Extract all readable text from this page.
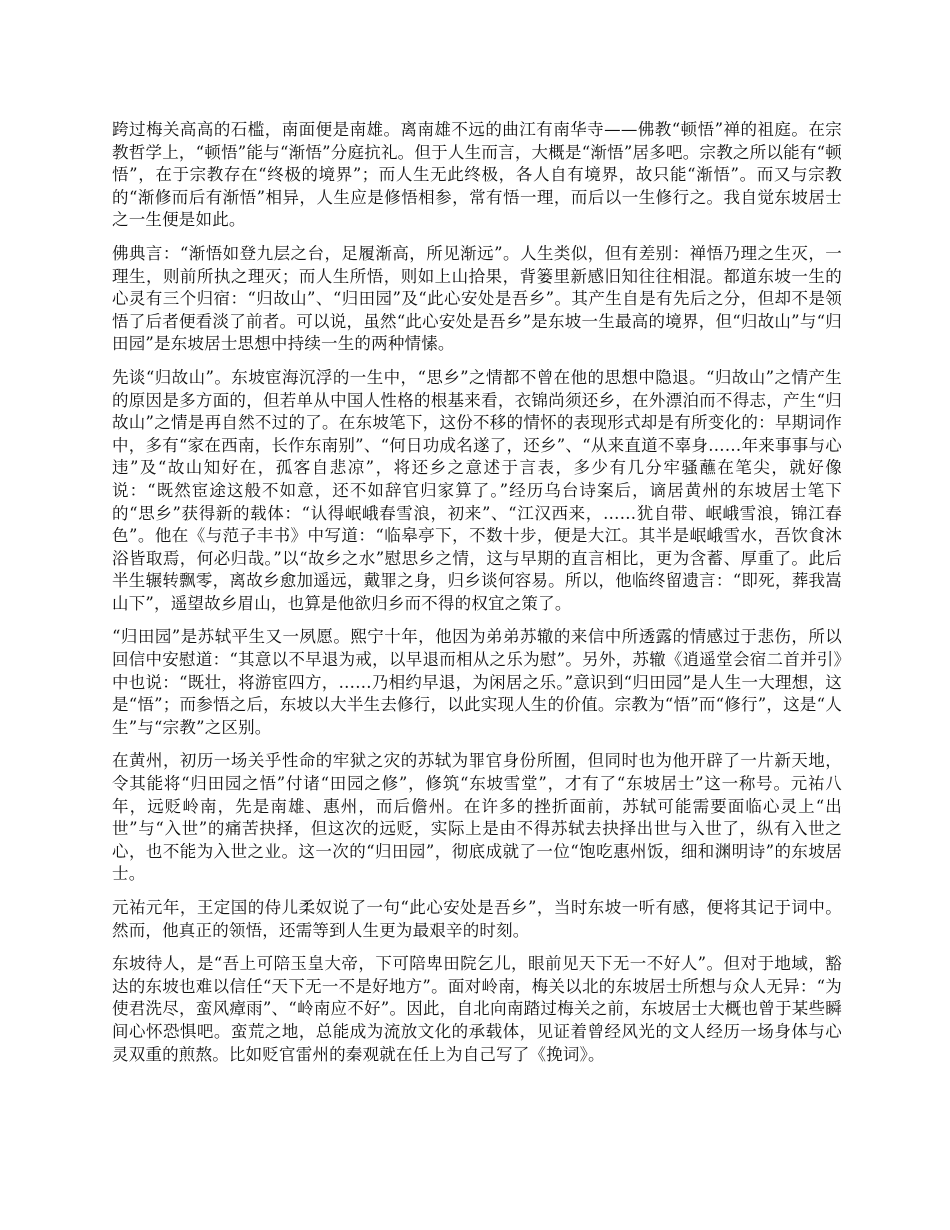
跨过梅关高高的石槛，南面便是南雄。离南雄不远的曲江有南华寺——佛教“顿悟”禅的祖庭。在宗教哲学上，“顿悟”能与“渐悟”分庭抗礼。但于人生而言，大概是“渐悟”居多吧。宗教之所以能有“顿悟”，在于宗教存在“终极的境界”；而人生无此终极，各人自有境界，故只能“渐悟”。而又与宗教的“渐修而后有渐悟”相异，人生应是修悟相参，常有悟一理，而后以一生修行之。我自觉东坡居士之一生便是如此。

佛典言：“渐悟如登九层之台，足履渐高，所见渐远”。人生类似，但有差别：禅悟乃理之生灭，一理生，则前所执之理灭；而人生所悟，则如上山拾果，背篓里新感旧知往往相混。都道东坡一生的心灵有三个归宿：“归故山”、“归田园”及“此心安处是吾乡”。其产生自是有先后之分，但却不是领悟了后者便看淡了前者。可以说，虽然“此心安处是吾乡”是东坡一生最高的境界，但“归故山”与“归田园”是东坡居士思想中持续一生的两种情愫。

先谈“归故山”。东坡宦海沉浮的一生中，“思乡”之情都不曾在他的思想中隐退。“归故山”之情产生的原因是多方面的，但若单从中国人性格的根基来看，衣锦尚须还乡，在外漂泊而不得志，产生“归故山”之情是再自然不过的了。在东坡笔下，这份不移的情怀的表现形式却是有所变化的：早期词作中，多有“家在西南，长作东南别”、“何日功成名遂了，还乡”、“从来直道不辜身……年来事事与心违”及“故山知好在，孤客自悲凉”，将还乡之意述于言表，多少有几分牢骚蘸在笔尖，就好像说：“既然宦途这般不如意，还不如辞官归家算了。”经历乌台诗案后，谪居黄州的东坡居士笔下的“思乡”获得新的载体：“认得岷峨春雪浪，初来”、“江汉西来，……犹自带、岷峨雪浪，锦江春色”。他在《与范子丰书》中写道：“临皋亭下，不数十步，便是大江。其半是岷峨雪水，吾饮食沐浴皆取焉，何必归哉。”以“故乡之水”慰思乡之情，这与早期的直言相比，更为含蓄、厚重了。此后半生辗转飘零，离故乡愈加遥远，戴罪之身，归乡谈何容易。所以，他临终留遗言：“即死，葬我嵩山下”，遥望故乡眉山，也算是他欲归乡而不得的权宜之策了。

“归田园”是苏轼平生又一夙愿。熙宁十年，他因为弟弟苏辙的来信中所透露的情感过于悲伤，所以回信中安慰道：“其意以不早退为戒，以早退而相从之乐为慰”。另外，苏辙《逍遥堂会宿二首并引》中也说：“既壮，将游宦四方，……乃相约早退，为闲居之乐。”意识到“归田园”是人生一大理想，这是“悟”；而参悟之后，东坡以大半生去修行，以此实现人生的价值。宗教为“悟”而“修行”，这是“人生”与“宗教”之区别。

在黄州，初历一场关乎性命的牢狱之灾的苏轼为罪官身份所囿，但同时也为他开辟了一片新天地，令其能将“归田园之悟”付诸“田园之修”，修筑“东坡雪堂”，才有了“东坡居士”这一称号。元祐八年，远贬岭南，先是南雄、惠州，而后儋州。在许多的挫折面前，苏轼可能需要面临心灵上“出世”与“入世”的痛苦抉择，但这次的远贬，实际上是由不得苏轼去抉择出世与入世了，纵有入世之心，也不能为入世之业。这一次的“归田园”，彻底成就了一位“饱吃惠州饭，细和渊明诗”的东坡居士。

元祐元年，王定国的侍儿柔奴说了一句“此心安处是吾乡”，当时东坡一听有感，便将其记于词中。然而，他真正的领悟，还需等到人生更为最艰辛的时刻。

东坡待人，是“吾上可陪玉皇大帝，下可陪卑田院乞儿，眼前见天下无一不好人”。但对于地域，豁达的东坡也难以信任“天下无一不是好地方”。面对岭南，梅关以北的东坡居士所想与众人无异：“为使君洗尽，蛮风瘴雨”、“岭南应不好”。因此，自北向南踏过梅关之前，东坡居士大概也曾于某些瞬间心怀恐惧吧。蛮荒之地，总能成为流放文化的承载体，见证着曾经风光的文人经历一场身体与心灵双重的煎熬。比如贬官雷州的秦观就在任上为自己写了《挽词》。
